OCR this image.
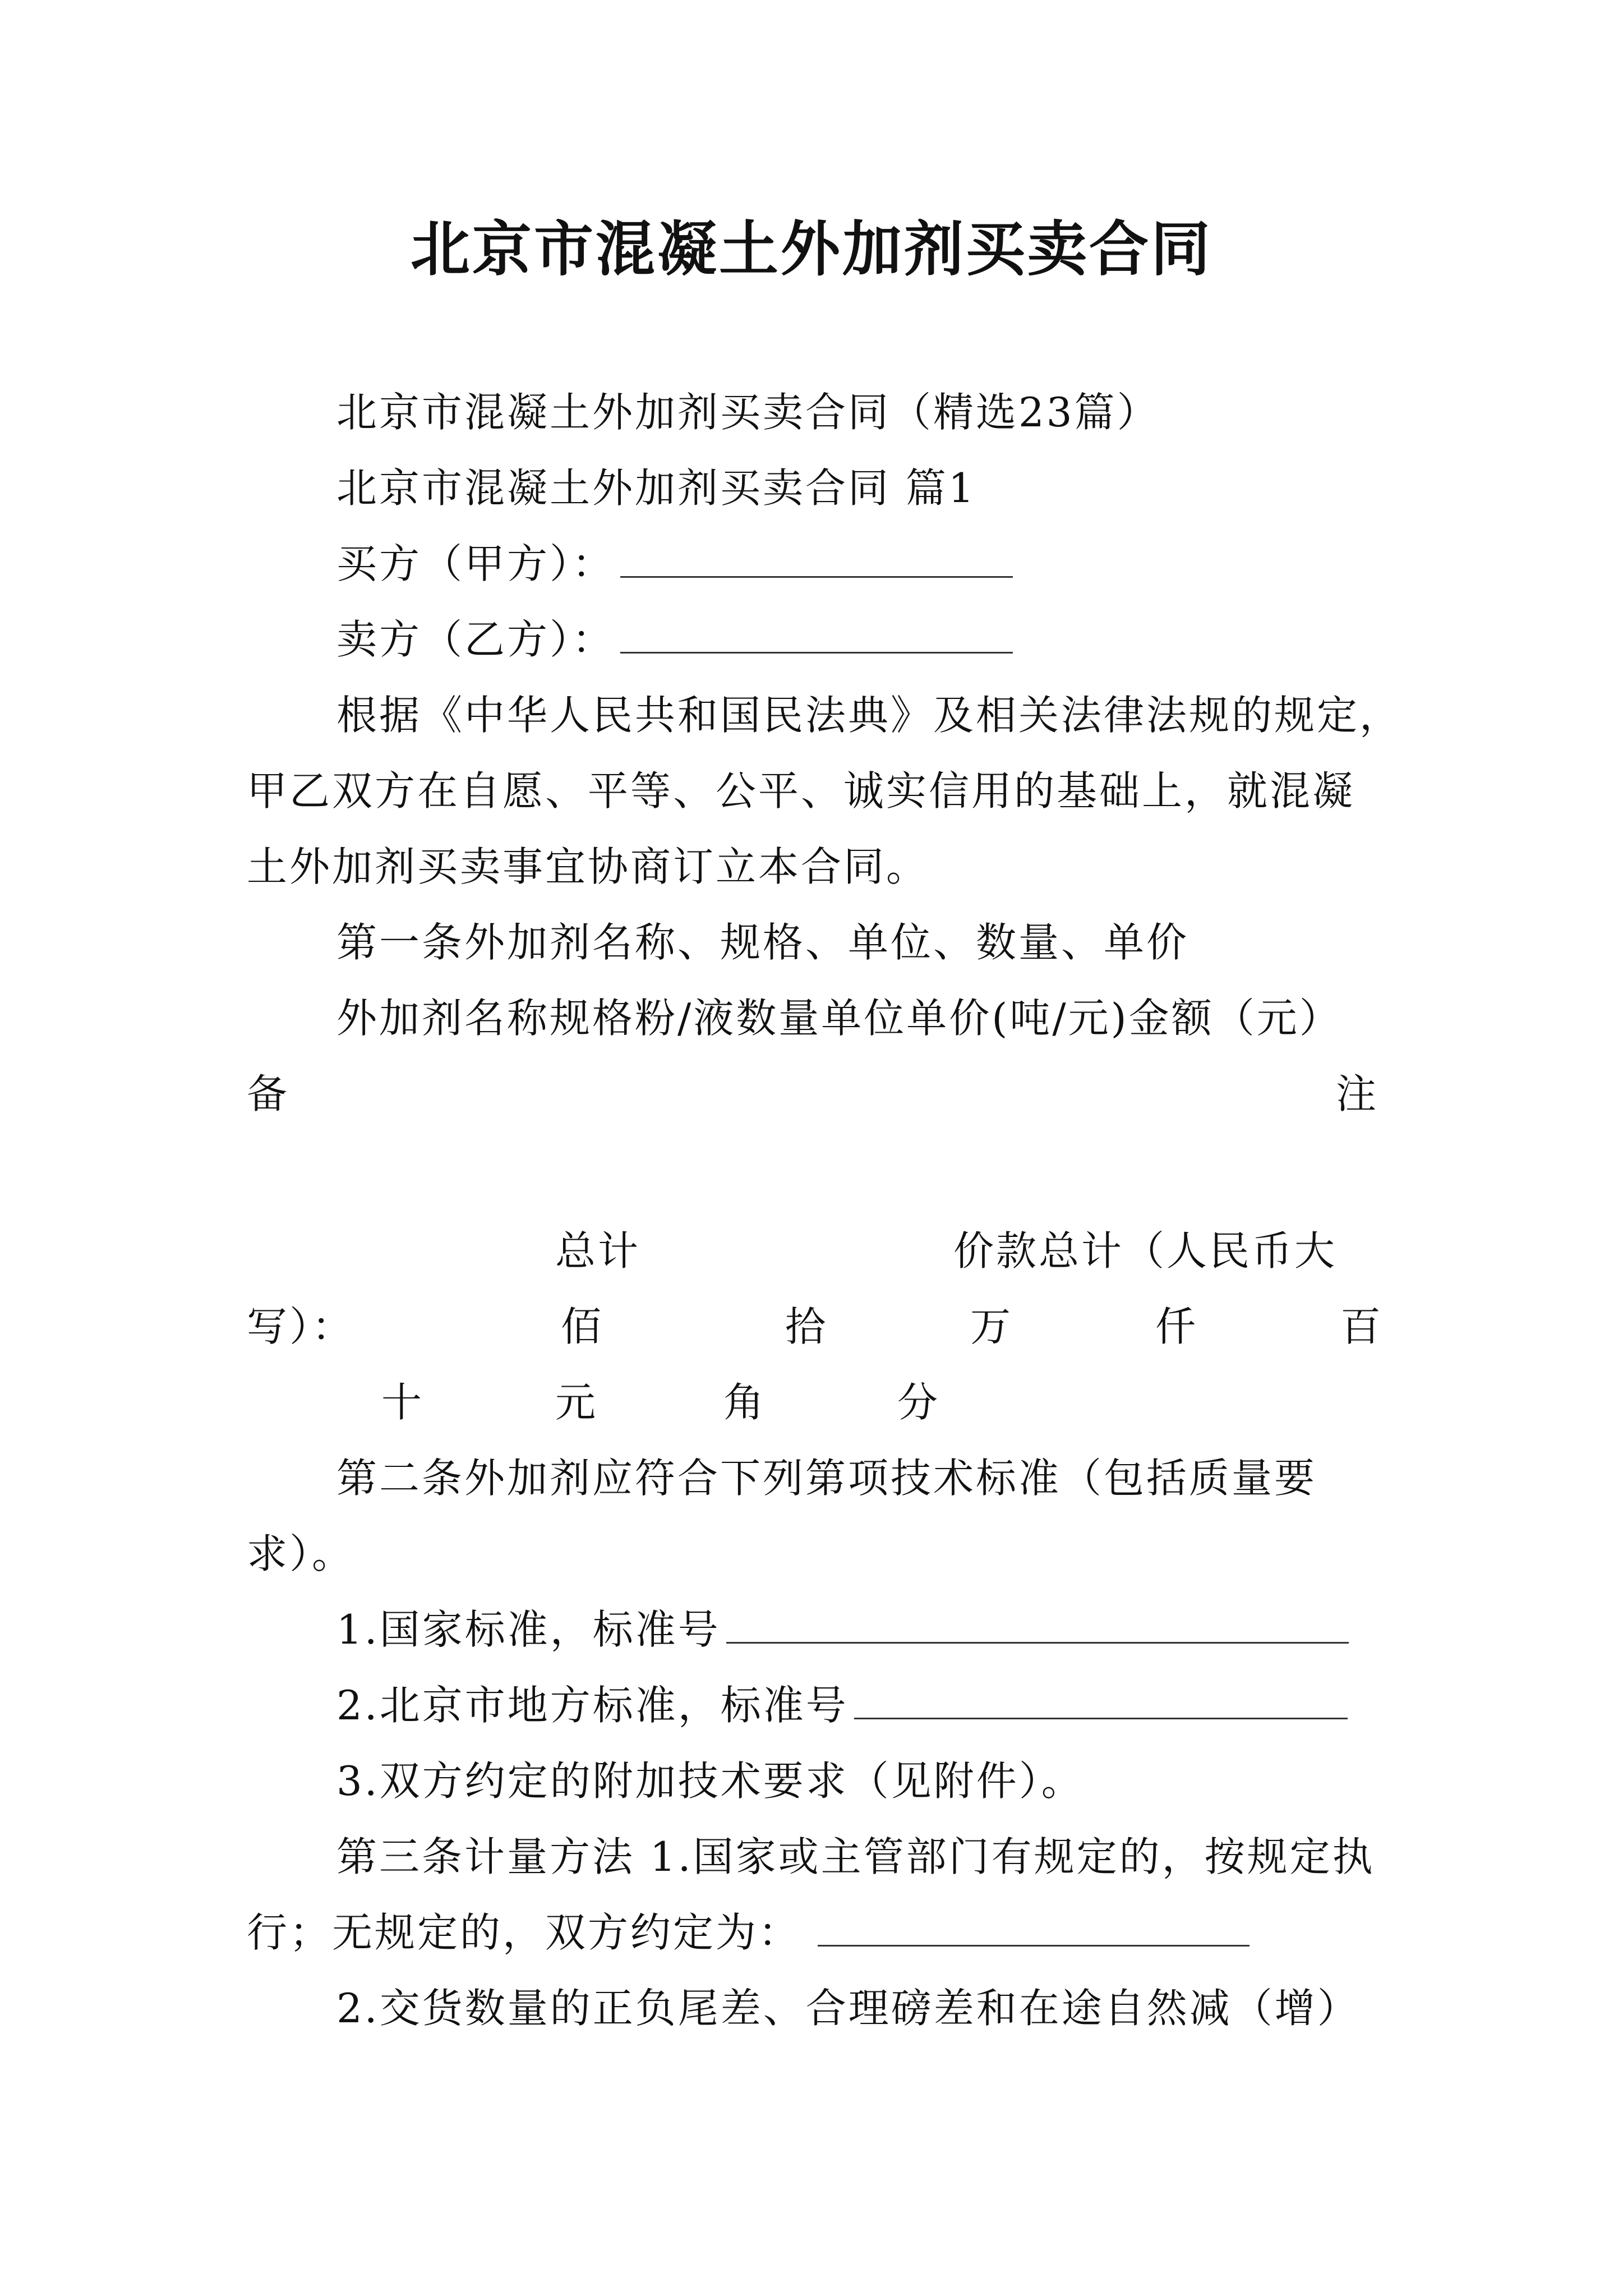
北京市混凝土外加剂买卖合同
北京市混凝土外加剂买卖合同（精选23篇）
北京市混凝土外加剂买卖合同 篇1
买方（甲方）：
卖方（乙方）：
根据《中华人民共和国民法典》及相关法律法规的规定，
甲乙双方在自愿、平等、公平、诚实信用的基础上，就混凝
土外加剂买卖事宜协商订立本合同。
第一条外加剂名称、规格、单位、数量、单价
外加剂名称规格粉/液数量单位单价(吨/元)金额（元）
备	注
总计	价款总计（人民币大
写）：	佰	拾	万	仟	百
十	元	角	分
第二条外加剂应符合下列第项技术标准（包括质量要
求）。
1.国家标准，标准号
2.北京市地方标准，标准号
3.双方约定的附加技术要求（见附件）。
第三条计量方法 1.国家或主管部门有规定的，按规定执
行；无规定的，双方约定为：
2.交货数量的正负尾差、合理磅差和在途自然减（增）
